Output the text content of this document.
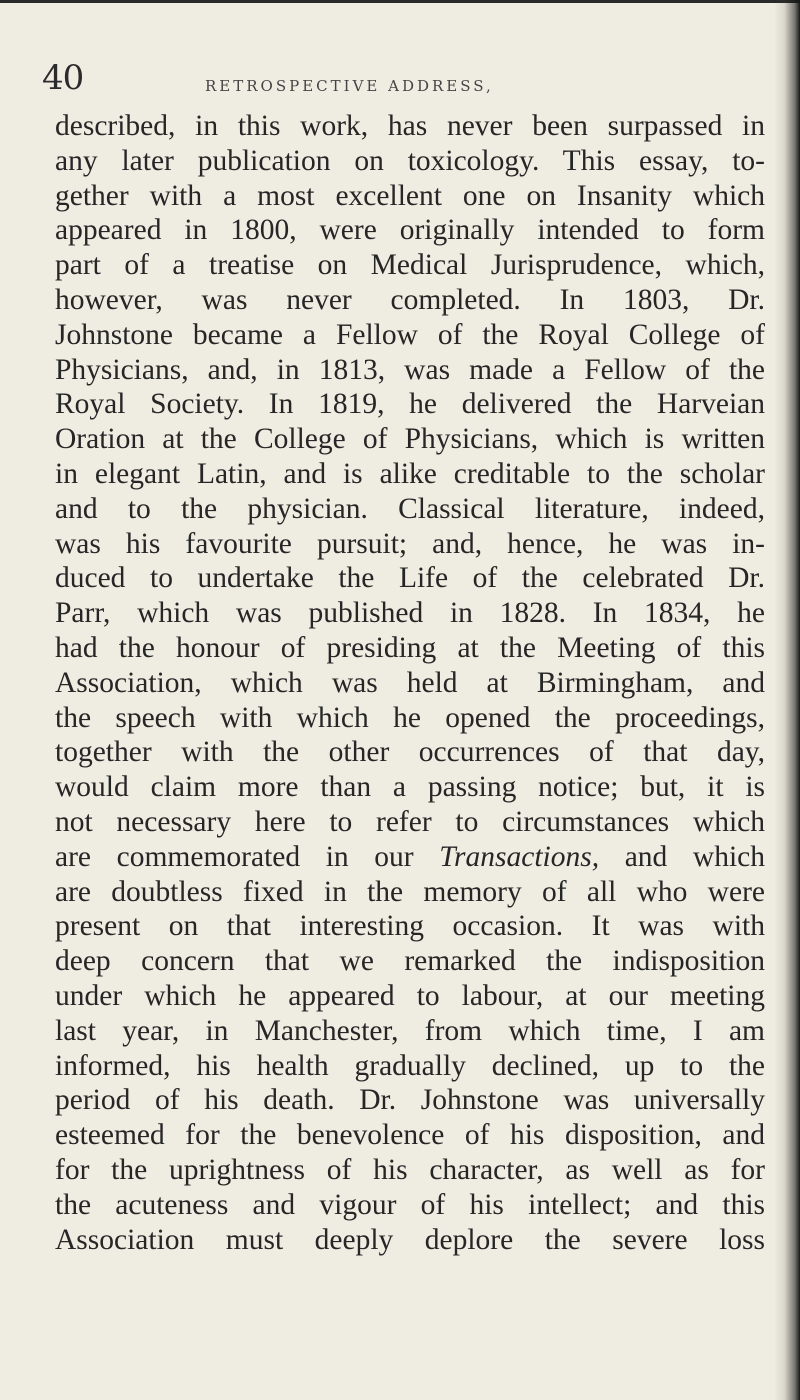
40	RETROSPECTIVE ADDRESS,
described, in this work, has never been surpassed in
any later publication on toxicology. This essay, to-
gether with a most excellent one on Insanity which
appeared in 1800, were originally intended to form
part of a treatise on Medical Jurisprudence, which,
however, was never completed. In 1803, Dr.
Johnstone became a Fellow of the Royal College of
Physicians, and, in 1813, was made a Fellow of the
Royal Society. In 1819, he delivered the Harveian
Oration at the College of Physicians, which is written
in elegant Latin, and is alike creditable to the scholar
and to the physician. Classical literature, indeed,
was his favourite pursuit; and, hence, he was in-
duced to undertake the Life of the celebrated Dr.
Parr, which was published in 1828. In 1834, he
had the honour of presiding at the Meeting of this
Association, which was held at Birmingham, and
the speech with which he opened the proceedings,
together with the other occurrences of that day,
would claim more than a passing notice; but, it is
not necessary here to refer to circumstances which
are commemorated in our Transactions, and which
are doubtless fixed in the memory of all who were
present on that interesting occasion. It was with
deep concern that we remarked the indisposition
under which he appeared to labour, at our meeting
last year, in Manchester, from which time, I am
informed, his health gradually declined, up to the
period of his death. Dr. Johnstone was universally
esteemed for the benevolence of his disposition, and
for the uprightness of his character, as well as for
the acuteness and vigour of his intellect; and this
Association must deeply deplore the severe loss
